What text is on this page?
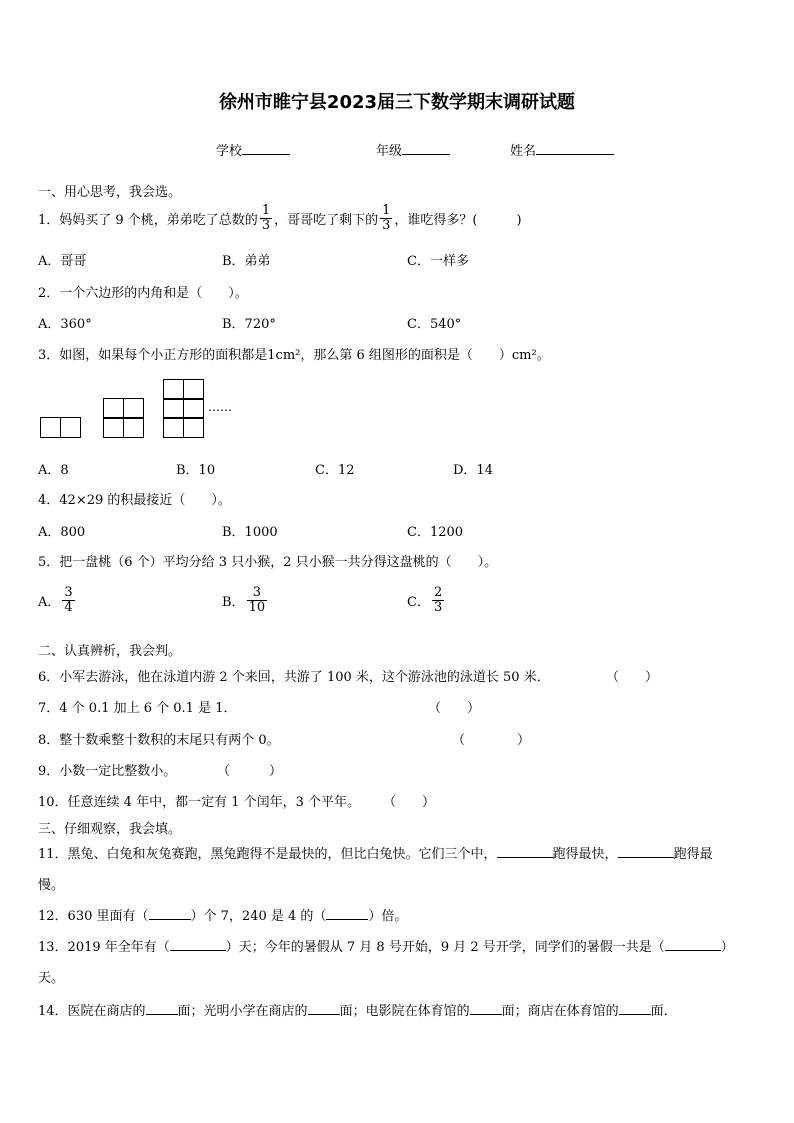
徐州市睢宁县2023届三下数学期末调研试题
学校	年级	姓名
一、用心思考，我会选。
1．妈妈买了 9 个桃，弟弟吃了总数的 $\frac{1}{3}$ ，哥哥吃了剩下的 $\frac{1}{3}$ ，谁吃得多？(　　　)
A．哥哥	B．弟弟	C．一样多
2．一个六边形的内角和是（　　）。
A．360°	B．720°	C．540°
3．如图，如果每个小正方形的面积都是1cm²，那么第 6 组图形的面积是（　　）cm²。
……
A．8	B．10	C．12	D．14
4．42×29 的积最接近（　　）。
A．800	B．1000	C．1200
5．把一盘桃（6 个）平均分给 3 只小猴，2 只小猴一共分得这盘桃的（　　）。
A． $\frac{3}{4}$	B． $\frac{3}{10}$	C． $\frac{2}{3}$
二、认真辨析，我会判。
6．小军去游泳，他在泳道内游 2 个来回，共游了 100 米，这个游泳池的泳道长 50 米．	（　　）
7．4 个 0.1 加上 6 个 0.1 是 1．	（　　）
8．整十数乘整十数积的末尾只有两个 0。	（　　　　）
9．小数一定比整数小。	（　　　）
10．任意连续 4 年中，都一定有 1 个闰年，3 个平年。 （　　）
三、仔细观察，我会填。
11．黑兔、白兔和灰兔赛跑，黑兔跑得不是最快的，但比白兔快。它们三个中，	跑得最快，	跑得最
慢。
12．630 里面有（	）个 7，240 是 4 的（	）倍。
13．2019 年全年有（	）天；今年的暑假从 7 月 8 号开始，9 月 2 号开学，同学们的暑假一共是（	）
天。
14．医院在商店的 面；光明小学在商店的 面；电影院在体育馆的 面；商店在体育馆的 面．
